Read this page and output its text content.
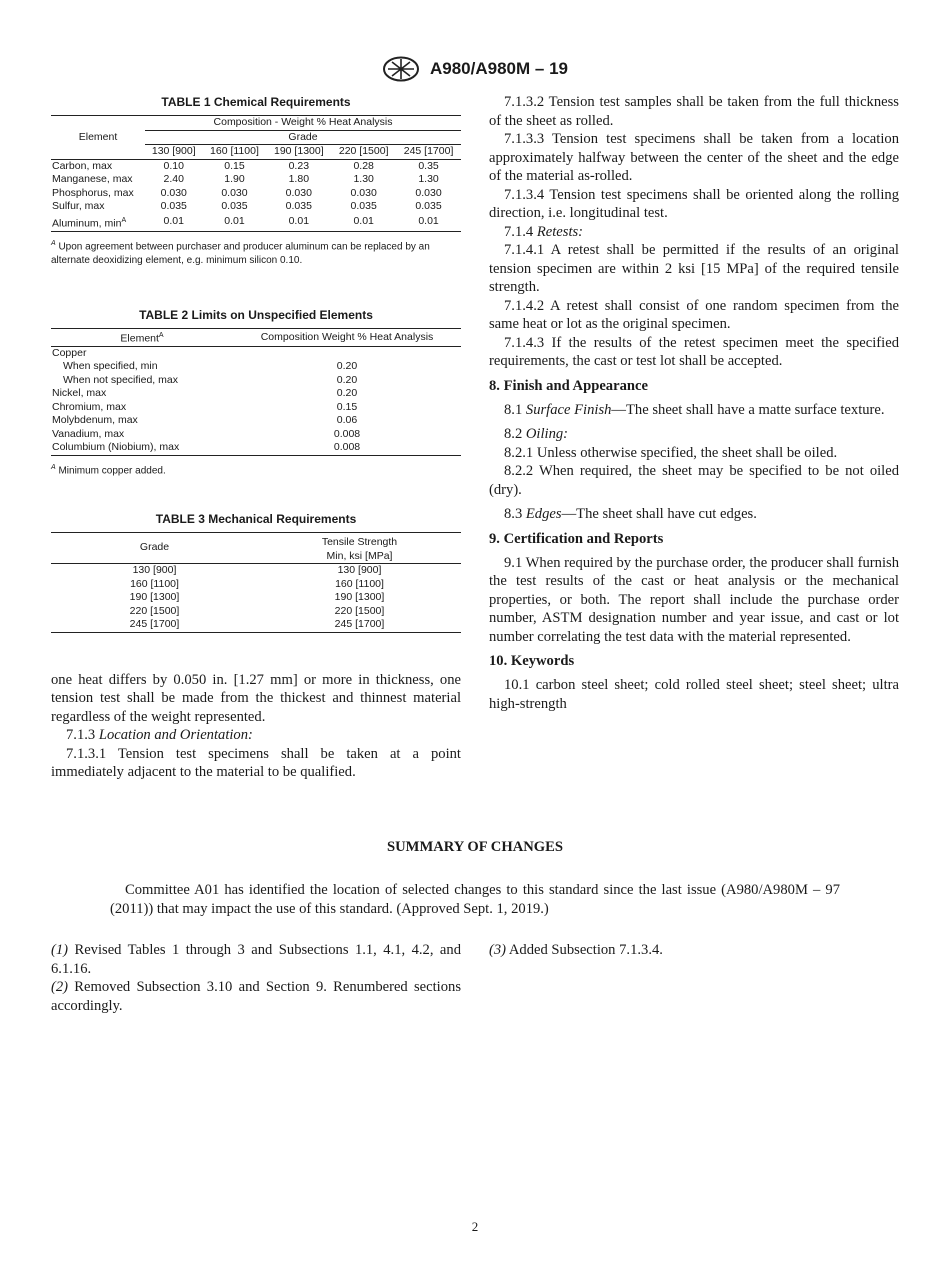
A980/A980M – 19
TABLE 1 Chemical Requirements
Element	Composition - Weight % Heat Analysis				
	Grade				
	130 [900]	160 [1100]	190 [1300]	220 [1500]	245 [1700]
Carbon, max	0.10	0.15	0.23	0.28	0.35
Manganese, max	2.40	1.90	1.80	1.30	1.30
Phosphorus, max	0.030	0.030	0.030	0.030	0.030
Sulfur, max	0.035	0.035	0.035	0.035	0.035
Aluminum, $\min^A$	0.01	0.01	0.01	0.01	0.01
$^A$ Upon agreement between purchaser and producer aluminum can be replaced by an alternate deoxidizing element, e.g. minimum silicon 0.10.
TABLE 2 Limits on Unspecified Elements
Element$^A$	Composition Weight % Heat Analysis
Copper	
When specified, min	0.20
When not specified, max	0.20
Nickel, max	0.20
Chromium, max	0.15
Molybdenum, max	0.06
Vanadium, max	0.008
Columbium (Niobium), max	0.008
$^A$ Minimum copper added.
TABLE 3 Mechanical Requirements
Grade	Tensile Strength
Min, ksi [MPa]
130 [900]	130 [900]
160 [1100]	160 [1100]
190 [1300]	190 [1300]
220 [1500]	220 [1500]
245 [1700]	245 [1700]

one heat differs by 0.050 in. [1.27 mm] or more in thickness, one tension test shall be made from the thickest and thinnest material regardless of the weight represented.

7.1.3 Location and Orientation:

7.1.3.1 Tension test specimens shall be taken at a point immediately adjacent to the material to be qualified.

7.1.3.2 Tension test samples shall be taken from the full thickness of the sheet as rolled.

7.1.3.3 Tension test specimens shall be taken from a location approximately halfway between the center of the sheet and the edge of the material as-rolled.

7.1.3.4 Tension test specimens shall be oriented along the rolling direction, i.e. longitudinal test.

7.1.4 Retests:

7.1.4.1 A retest shall be permitted if the results of an original tension specimen are within 2 ksi [15 MPa] of the required tensile strength.

7.1.4.2 A retest shall consist of one random specimen from the same heat or lot as the original specimen.

7.1.4.3 If the results of the retest specimen meet the specified requirements, the cast or test lot shall be accepted.

8. Finish and Appearance

8.1 Surface Finish—The sheet shall have a matte surface texture.

8.2 Oiling:

8.2.1 Unless otherwise specified, the sheet shall be oiled.

8.2.2 When required, the sheet may be specified to be not oiled (dry).

8.3 Edges—The sheet shall have cut edges.

9. Certification and Reports

9.1 When required by the purchase order, the producer shall furnish the test results of the cast or heat analysis or the mechanical properties, or both. The report shall include the purchase order number, ASTM designation number and year issue, and cast or lot number correlating the test data with the material represented.

10. Keywords

10.1 carbon steel sheet; cold rolled steel sheet; steel sheet; ultra high-strength

SUMMARY OF CHANGES

Committee A01 has identified the location of selected changes to this standard since the last issue (A980/A980M – 97 (2011)) that may impact the use of this standard. (Approved Sept. 1, 2019.)

(1) Revised Tables 1 through 3 and Subsections 1.1, 4.1, 4.2, and 6.1.16.

(2) Removed Subsection 3.10 and Section 9. Renumbered sections accordingly.

(3) Added Subsection 7.1.3.4.

2
